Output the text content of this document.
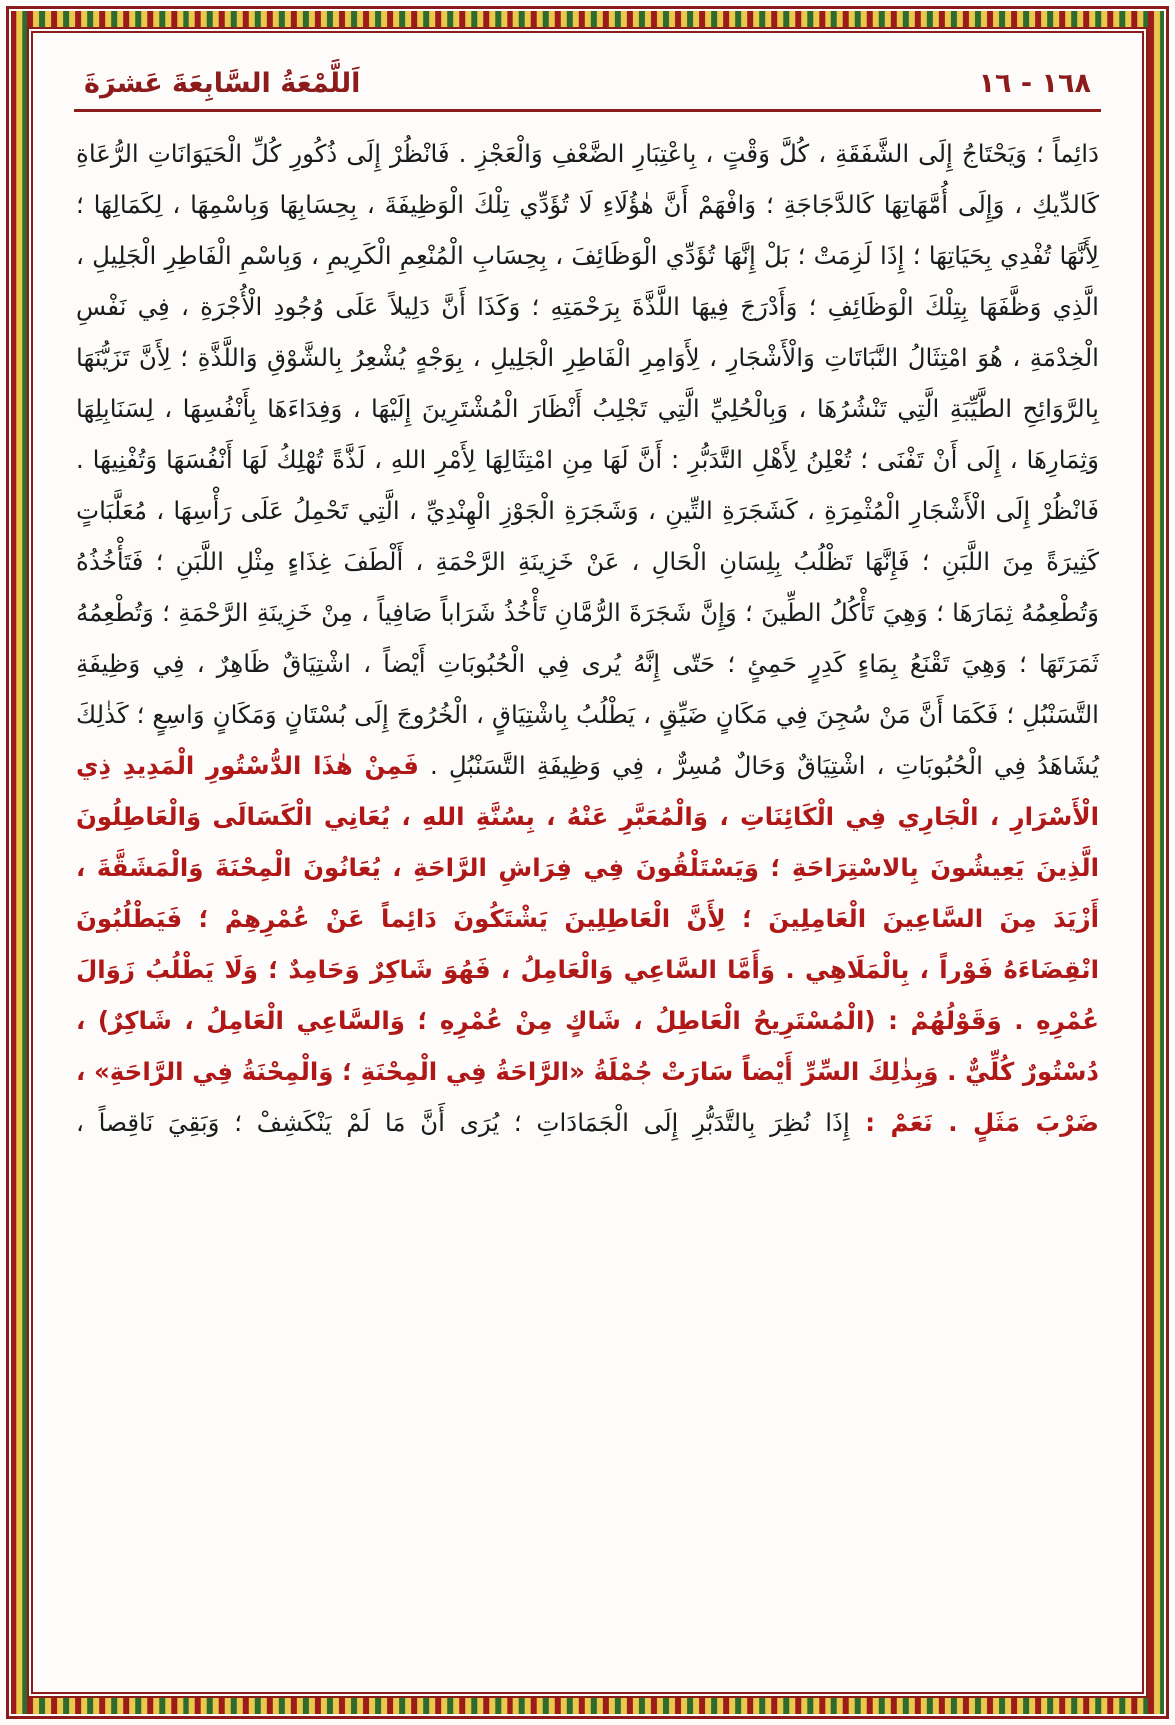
اَللَّمْعَةُ السَّابِعَةَ عَشرَةَ	١٦٨ - ١٦

دَائِماً ؛ وَيَحْتَاجُ إِلَى الشَّفَقَةِ ، كُلَّ وَقْتٍ ، بِاعْتِبَارِ الضَّعْفِ وَالْعَجْزِ . فَانْظُرْ إِلَى ذُكُورِ كُلِّ الْحَيَوَانَاتِ الرُّعَاةِ كَالدِّيكِ ، وَإِلَى أُمَّهَاتِهَا كَالدَّجَاجَةِ ؛ وَافْهَمْ أَنَّ هٰؤُلَاءِ لَا تُؤَدِّي تِلْكَ الْوَظِيفَةَ ، بِحِسَابِهَا وَبِاسْمِهَا ، لِكَمَالِهَا ؛ لِأَنَّهَا تُفْدِي بِحَيَاتِهَا ؛ إِذَا لَزِمَتْ ؛ بَلْ إِنَّهَا تُؤَدِّي الْوَظَائِفَ ، بِحِسَابِ الْمُنْعِمِ الْكَرِيمِ ، وَبِاسْمِ الْفَاطِرِ الْجَلِيلِ ، الَّذِي وَظَّفَهَا بِتِلْكَ الْوَظَائِفِ ؛ وَأَدْرَجَ فِيهَا اللَّذَّةَ بِرَحْمَتِهِ ؛ وَكَذَا أَنَّ دَلِيلاً عَلَى وُجُودِ الْأُجْرَةِ ، فِي نَفْسِ الْخِدْمَةِ ، هُوَ امْتِثَالُ النَّبَاتَاتِ وَالْأَشْجَارِ ، لِأَوَامِرِ الْفَاطِرِ الْجَلِيلِ ، بِوَجْهٍ يُشْعِرُ بِالشَّوْقِ وَاللَّذَّةِ ؛ لِأَنَّ تَزَيُّنَهَا بِالرَّوَائِحِ الطَّيِّبَةِ الَّتِي تَنْشُرُهَا ، وَبِالْحُلِيِّ الَّتِي تَجْلِبُ أَنْظَارَ الْمُشْتَرِينَ إِلَيْهَا ، وَفِدَاءَهَا بِأَنْفُسِهَا ، لِسَنَابِلِهَا وَثِمَارِهَا ، إِلَى أَنْ تَفْنَى ؛ تُعْلِنُ لِأَهْلِ التَّدَبُّرِ : أَنَّ لَهَا مِنِ امْتِثَالِهَا لِأَمْرِ اللهِ ، لَذَّةً تُهْلِكُ لَهَا أَنْفُسَهَا وَتُفْنِيهَا . فَانْظُرْ إِلَى الْأَشْجَارِ الْمُثْمِرَةِ ، كَشَجَرَةِ التِّينِ ، وَشَجَرَةِ الْجَوْزِ الْهِنْدِيِّ ، الَّتِي تَحْمِلُ عَلَى رَأْسِهَا ، مُعَلَّبَاتٍ كَثِيرَةً مِنَ اللَّبَنِ ؛ فَإِنَّهَا تَظْلُبُ بِلِسَانِ الْحَالِ ، عَنْ خَزِينَةِ الرَّحْمَةِ ، أَلْطَفَ غِذَاءٍ مِثْلِ اللَّبَنِ ؛ فَتَأْخُذُهُ وَتُطْعِمُهُ ثِمَارَهَا ؛ وَهِيَ تَأْكُلُ الطِّينَ ؛ وَإِنَّ شَجَرَةَ الرُّمَّانِ تَأْخُذُ شَرَاباً صَافِياً ، مِنْ خَزِينَةِ الرَّحْمَةِ ؛ وَتُطْعِمُهُ ثَمَرَتَهَا ؛ وَهِيَ تَقْنَعُ بِمَاءٍ كَدِرٍ حَمِئٍ ؛ حَتّى إِنَّهُ يُرى فِي الْحُبُوبَاتِ أَيْضاً ، اشْتِيَاقٌ ظَاهِرٌ ، فِي وَظِيفَةِ التَّسَنْبُلِ ؛ فَكَمَا أَنَّ مَنْ سُجِنَ فِي مَكَانٍ ضَيِّقٍ ، يَطْلُبُ بِاشْتِيَاقٍ ، الْخُرُوجَ إِلَى بُسْتَانٍ وَمَكَانٍ وَاسِعٍ ؛ كَذٰلِكَ يُشَاهَدُ فِي الْحُبُوبَاتِ ، اشْتِيَاقٌ وَحَالٌ مُسِرٌّ ، فِي وَظِيفَةِ التَّسَنْبُلِ . فَمِنْ هٰذَا الدُّسْتُورِ الْمَدِيدِ ذِي الْأَسْرَارِ ، الْجَارِي فِي الْكَائِنَاتِ ، وَالْمُعَبَّرِ عَنْهُ ، بِسُنَّةِ اللهِ ، يُعَانِي الْكَسَالَى وَالْعَاطِلُونَ الَّذِينَ يَعِيشُونَ بِالاسْتِرَاحَةِ ؛ وَيَسْتَلْقُونَ فِي فِرَاشِ الرَّاحَةِ ، يُعَانُونَ الْمِحْنَةَ وَالْمَشَقَّةَ ، أَزْيَدَ مِنَ السَّاعِينَ الْعَامِلِينَ ؛ لِأَنَّ الْعَاطِلِينَ يَشْتَكُونَ دَائِماً عَنْ عُمْرِهِمْ ؛ فَيَطْلُبُونَ انْقِضَاءَهُ فَوْراً ، بِالْمَلَاهِي . وَأَمَّا السَّاعِي وَالْعَامِلُ ، فَهُوَ شَاكِرٌ وَحَامِدٌ ؛ وَلَا يَطْلُبُ زَوَالَ عُمْرِهِ . وَقَوْلُهُمْ : (الْمُسْتَرِيحُ الْعَاطِلُ ، شَاكٍ مِنْ عُمْرِهِ ؛ وَالسَّاعِي الْعَامِلُ ، شَاكِرٌ) ، دُسْتُورٌ كُلِّيٌّ . وَبِذٰلِكَ السِّرِّ أَيْضاً سَارَتْ جُمْلَةُ «الرَّاحَةُ فِي الْمِحْنَةِ ؛ وَالْمِحْنَةُ فِي الرَّاحَةِ» ، ضَرْبَ مَثَلٍ . نَعَمْ : إِذَا نُظِرَ بِالتَّدَبُّرِ إِلَى الْجَمَادَاتِ ؛ يُرَى أَنَّ مَا لَمْ يَنْكَشِفْ ؛ وَبَقِيَ نَاقِصاً ،
